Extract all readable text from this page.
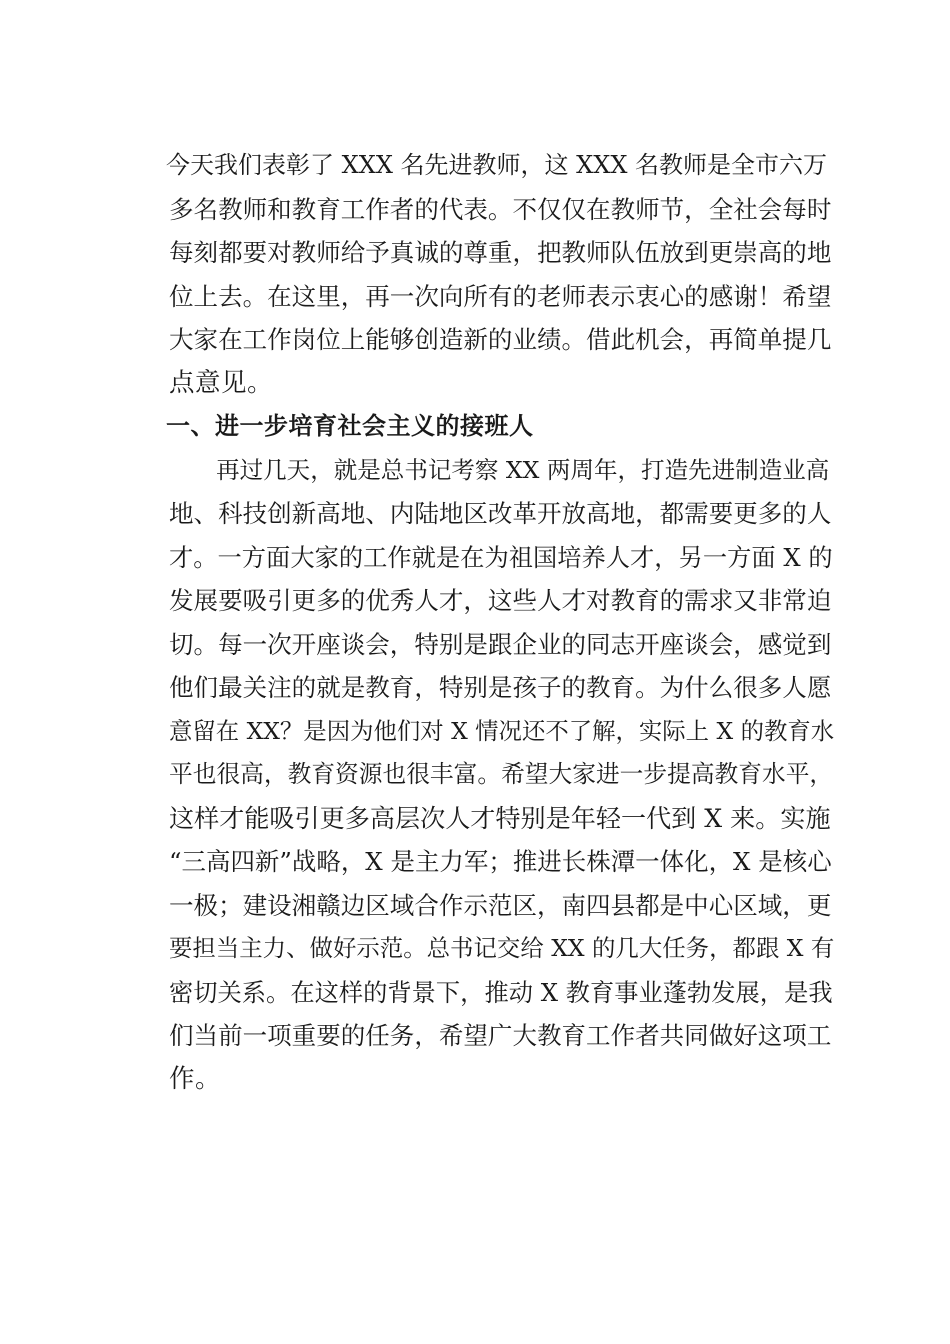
今天我们表彰了 XXX 名先进教师，这 XXX 名教师是全市六万
多名教师和教育工作者的代表。不仅仅在教师节，全社会每时
每刻都要对教师给予真诚的尊重，把教师队伍放到更崇高的地
位上去。在这里，再一次向所有的老师表示衷心的感谢！希望
大家在工作岗位上能够创造新的业绩。借此机会，再简单提几
点意见。
一、进一步培育社会主义的接班人
再过几天，就是总书记考察 XX 两周年，打造先进制造业高
地、科技创新高地、内陆地区改革开放高地，都需要更多的人
才。一方面大家的工作就是在为祖国培养人才，另一方面 X 的
发展要吸引更多的优秀人才，这些人才对教育的需求又非常迫
切。每一次开座谈会，特别是跟企业的同志开座谈会，感觉到
他们最关注的就是教育，特别是孩子的教育。为什么很多人愿
意留在 XX？是因为他们对 X 情况还不了解，实际上 X 的教育水
平也很高，教育资源也很丰富。希望大家进一步提高教育水平，
这样才能吸引更多高层次人才特别是年轻一代到 X 来。实施
“三高四新”战略，X 是主力军；推进长株潭一体化，X 是核心
一极；建设湘赣边区域合作示范区，南四县都是中心区域，更
要担当主力、做好示范。总书记交给 XX 的几大任务，都跟 X 有
密切关系。在这样的背景下，推动 X 教育事业蓬勃发展，是我
们当前一项重要的任务，希望广大教育工作者共同做好这项工
作。
